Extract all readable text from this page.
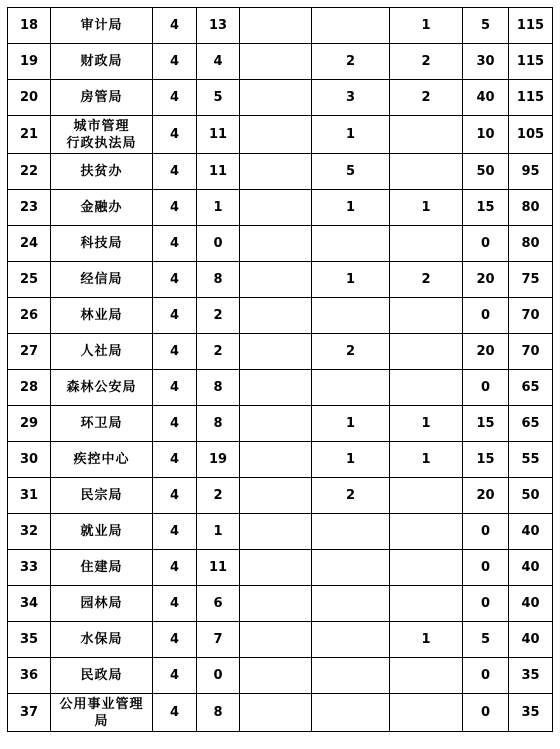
18	审计局	4	13			1	5	115
19	财政局	4	4		2	2	30	115
20	房管局	4	5		3	2	40	115
21	城市管理
行政执法局	4	11		1		10	105
22	扶贫办	4	11		5		50	95
23	金融办	4	1		1	1	15	80
24	科技局	4	0				0	80
25	经信局	4	8		1	2	20	75
26	林业局	4	2				0	70
27	人社局	4	2		2		20	70
28	森林公安局	4	8				0	65
29	环卫局	4	8		1	1	15	65
30	疾控中心	4	19		1	1	15	55
31	民宗局	4	2		2		20	50
32	就业局	4	1				0	40
33	住建局	4	11				0	40
34	园林局	4	6				0	40
35	水保局	4	7			1	5	40
36	民政局	4	0				0	35
37	公用事业管理
局	4	8				0	35
